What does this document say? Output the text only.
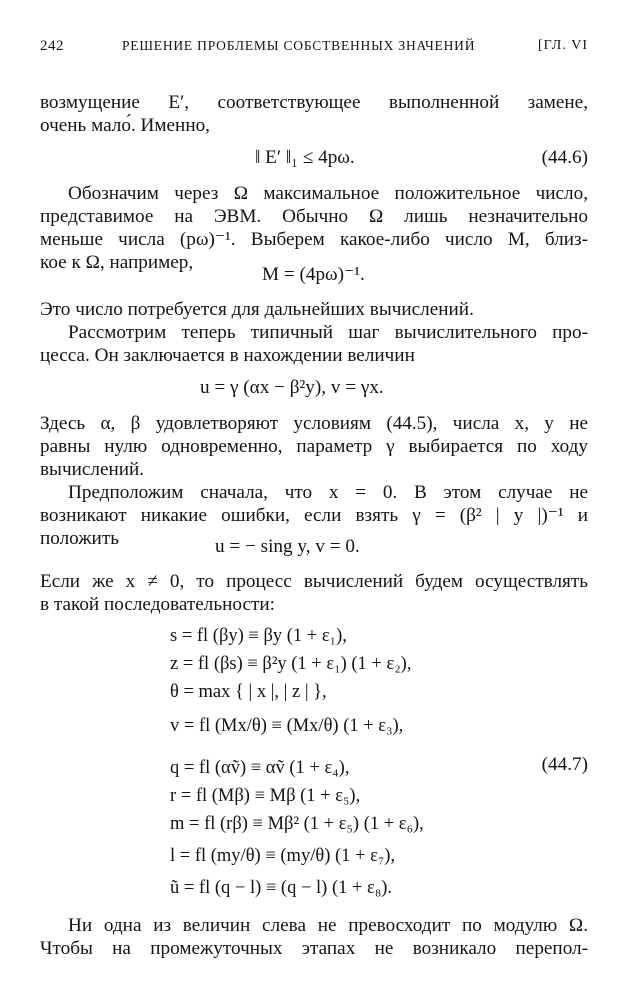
242	РЕШЕНИЕ ПРОБЛЕМЫ СОБСТВЕННЫХ ЗНАЧЕНИЙ	[ГЛ. VI
возмущение E′, соответствующее выполненной замене,
очень мало́. Именно,
‖ E′ ‖₁ ≤ 4pω.	(44.6)
Обозначим через Ω максимальное положительное число,
представимое на ЭВМ. Обычно Ω лишь незначительно
меньше числа (pω)⁻¹. Выберем какое-либо число M, близ-
кое к Ω, например,
M = (4pω)⁻¹.
Это число потребуется для дальнейших вычислений.
Рассмотрим теперь типичный шаг вычислительного про-
цесса. Он заключается в нахождении величин
u = γ (αx − β²y), v = γx.
Здесь α, β удовлетворяют условиям (44.5), числа x, y не
равны нулю одновременно, параметр γ выбирается по ходу
вычислений.
Предположим сначала, что x = 0. В этом случае не
возникают никакие ошибки, если взять γ = (β² | y |)⁻¹ и
положить	u = − sing y, v = 0.
Если же x ≠ 0, то процесс вычислений будем осуществлять
в такой последовательности:
s = fl (βy) ≡ βy (1 + ε₁),
z = fl (βs) ≡ β²y (1 + ε₁) (1 + ε₂),
θ = max { | x |, | z | },
v = fl (Mx/θ) ≡ (Mx/θ) (1 + ε₃),
q = fl (αṽ) ≡ αṽ (1 + ε₄),
r = fl (Mβ) ≡ Mβ (1 + ε₅),
m = fl (rβ) ≡ Mβ² (1 + ε₅) (1 + ε₆),
l = fl (my/θ) ≡ (my/θ) (1 + ε₇),
ũ = fl (q − l) ≡ (q − l) (1 + ε₈).
(44.7)
Ни одна из величин слева не превосходит по модулю Ω.
Чтобы на промежуточных этапах не возникало перепол-
